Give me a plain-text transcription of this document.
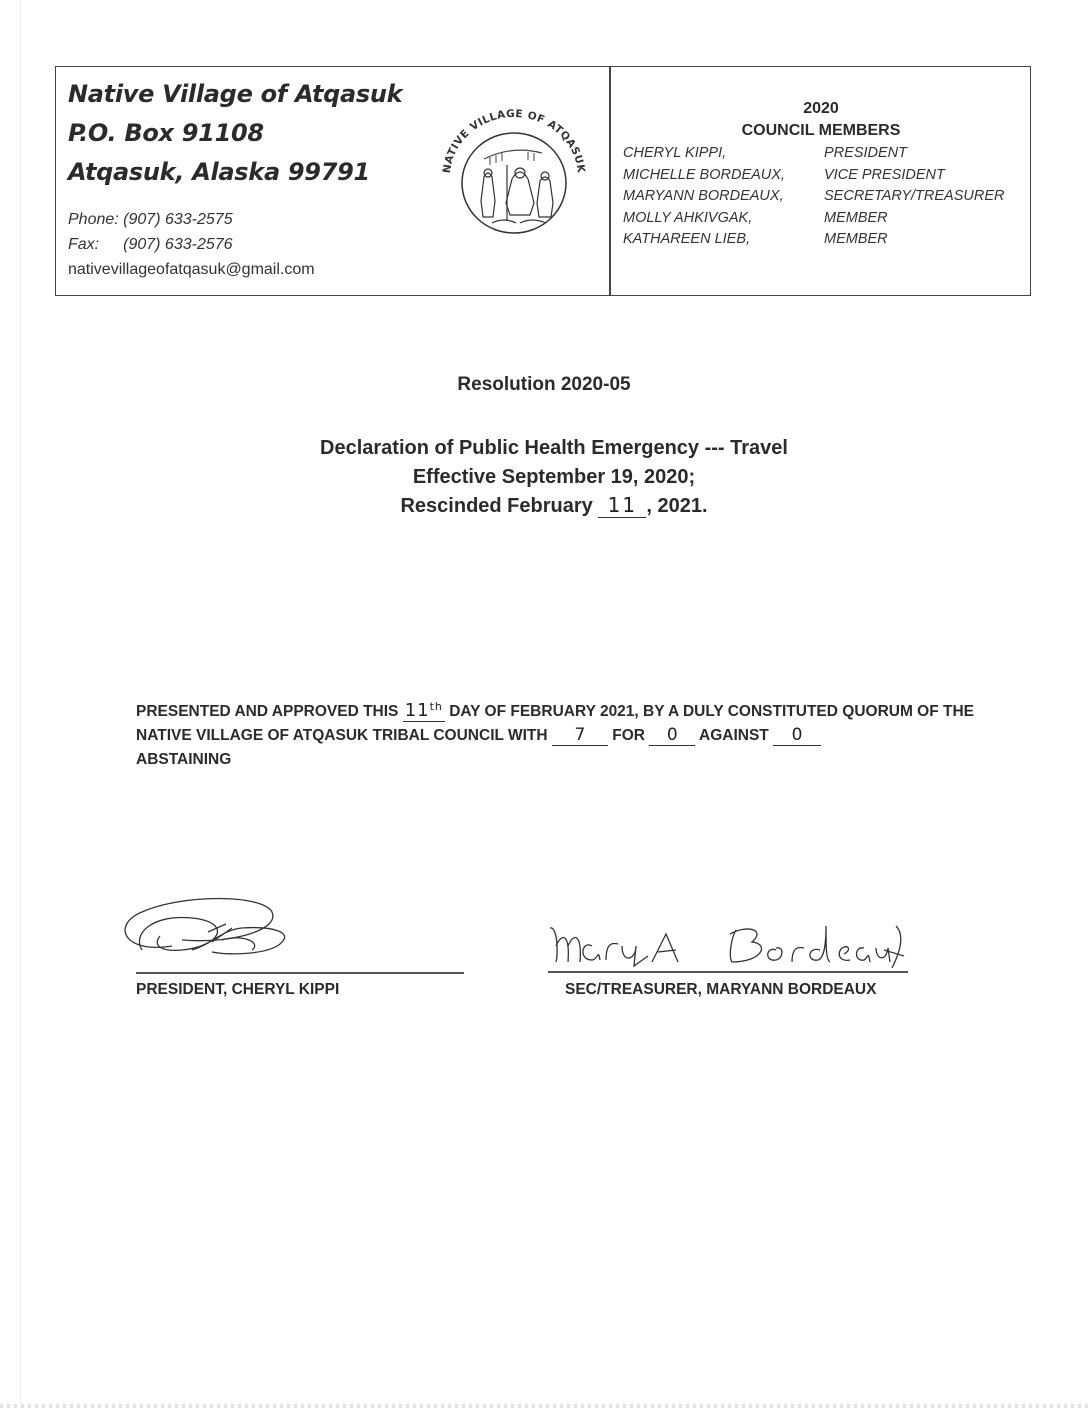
Native Village of Atqasuk
P.O. Box 91108
Atqasuk, Alaska 99791
Phone: (907) 633-2575
Fax: (907) 633-2576
nativevillageofatqasuk@gmail.com
NATIVE VILLAGE OF ATQASUK
2020
COUNCIL MEMBERS
CHERYL KIPPI,	PRESIDENT
MICHELLE BORDEAUX,	VICE PRESIDENT
MARYANN BORDEAUX,	SECRETARY/TREASURER
MOLLY AHKIVGAK,	MEMBER
KATHAREEN LIEB,	MEMBER
Resolution 2020-05
Declaration of Public Health Emergency --- Travel
Effective September 19, 2020;
Rescinded February 11 , 2021.
PRESENTED AND APPROVED THIS 11th DAY OF FEBRUARY 2021, BY A DULY CONSTITUTED QUORUM OF THE NATIVE VILLAGE OF ATQASUK TRIBAL COUNCIL WITH 7 FOR 0 AGAINST 0
ABSTAINING
PRESIDENT, CHERYL KIPPI	SEC/TREASURER, MARYANN BORDEAUX
